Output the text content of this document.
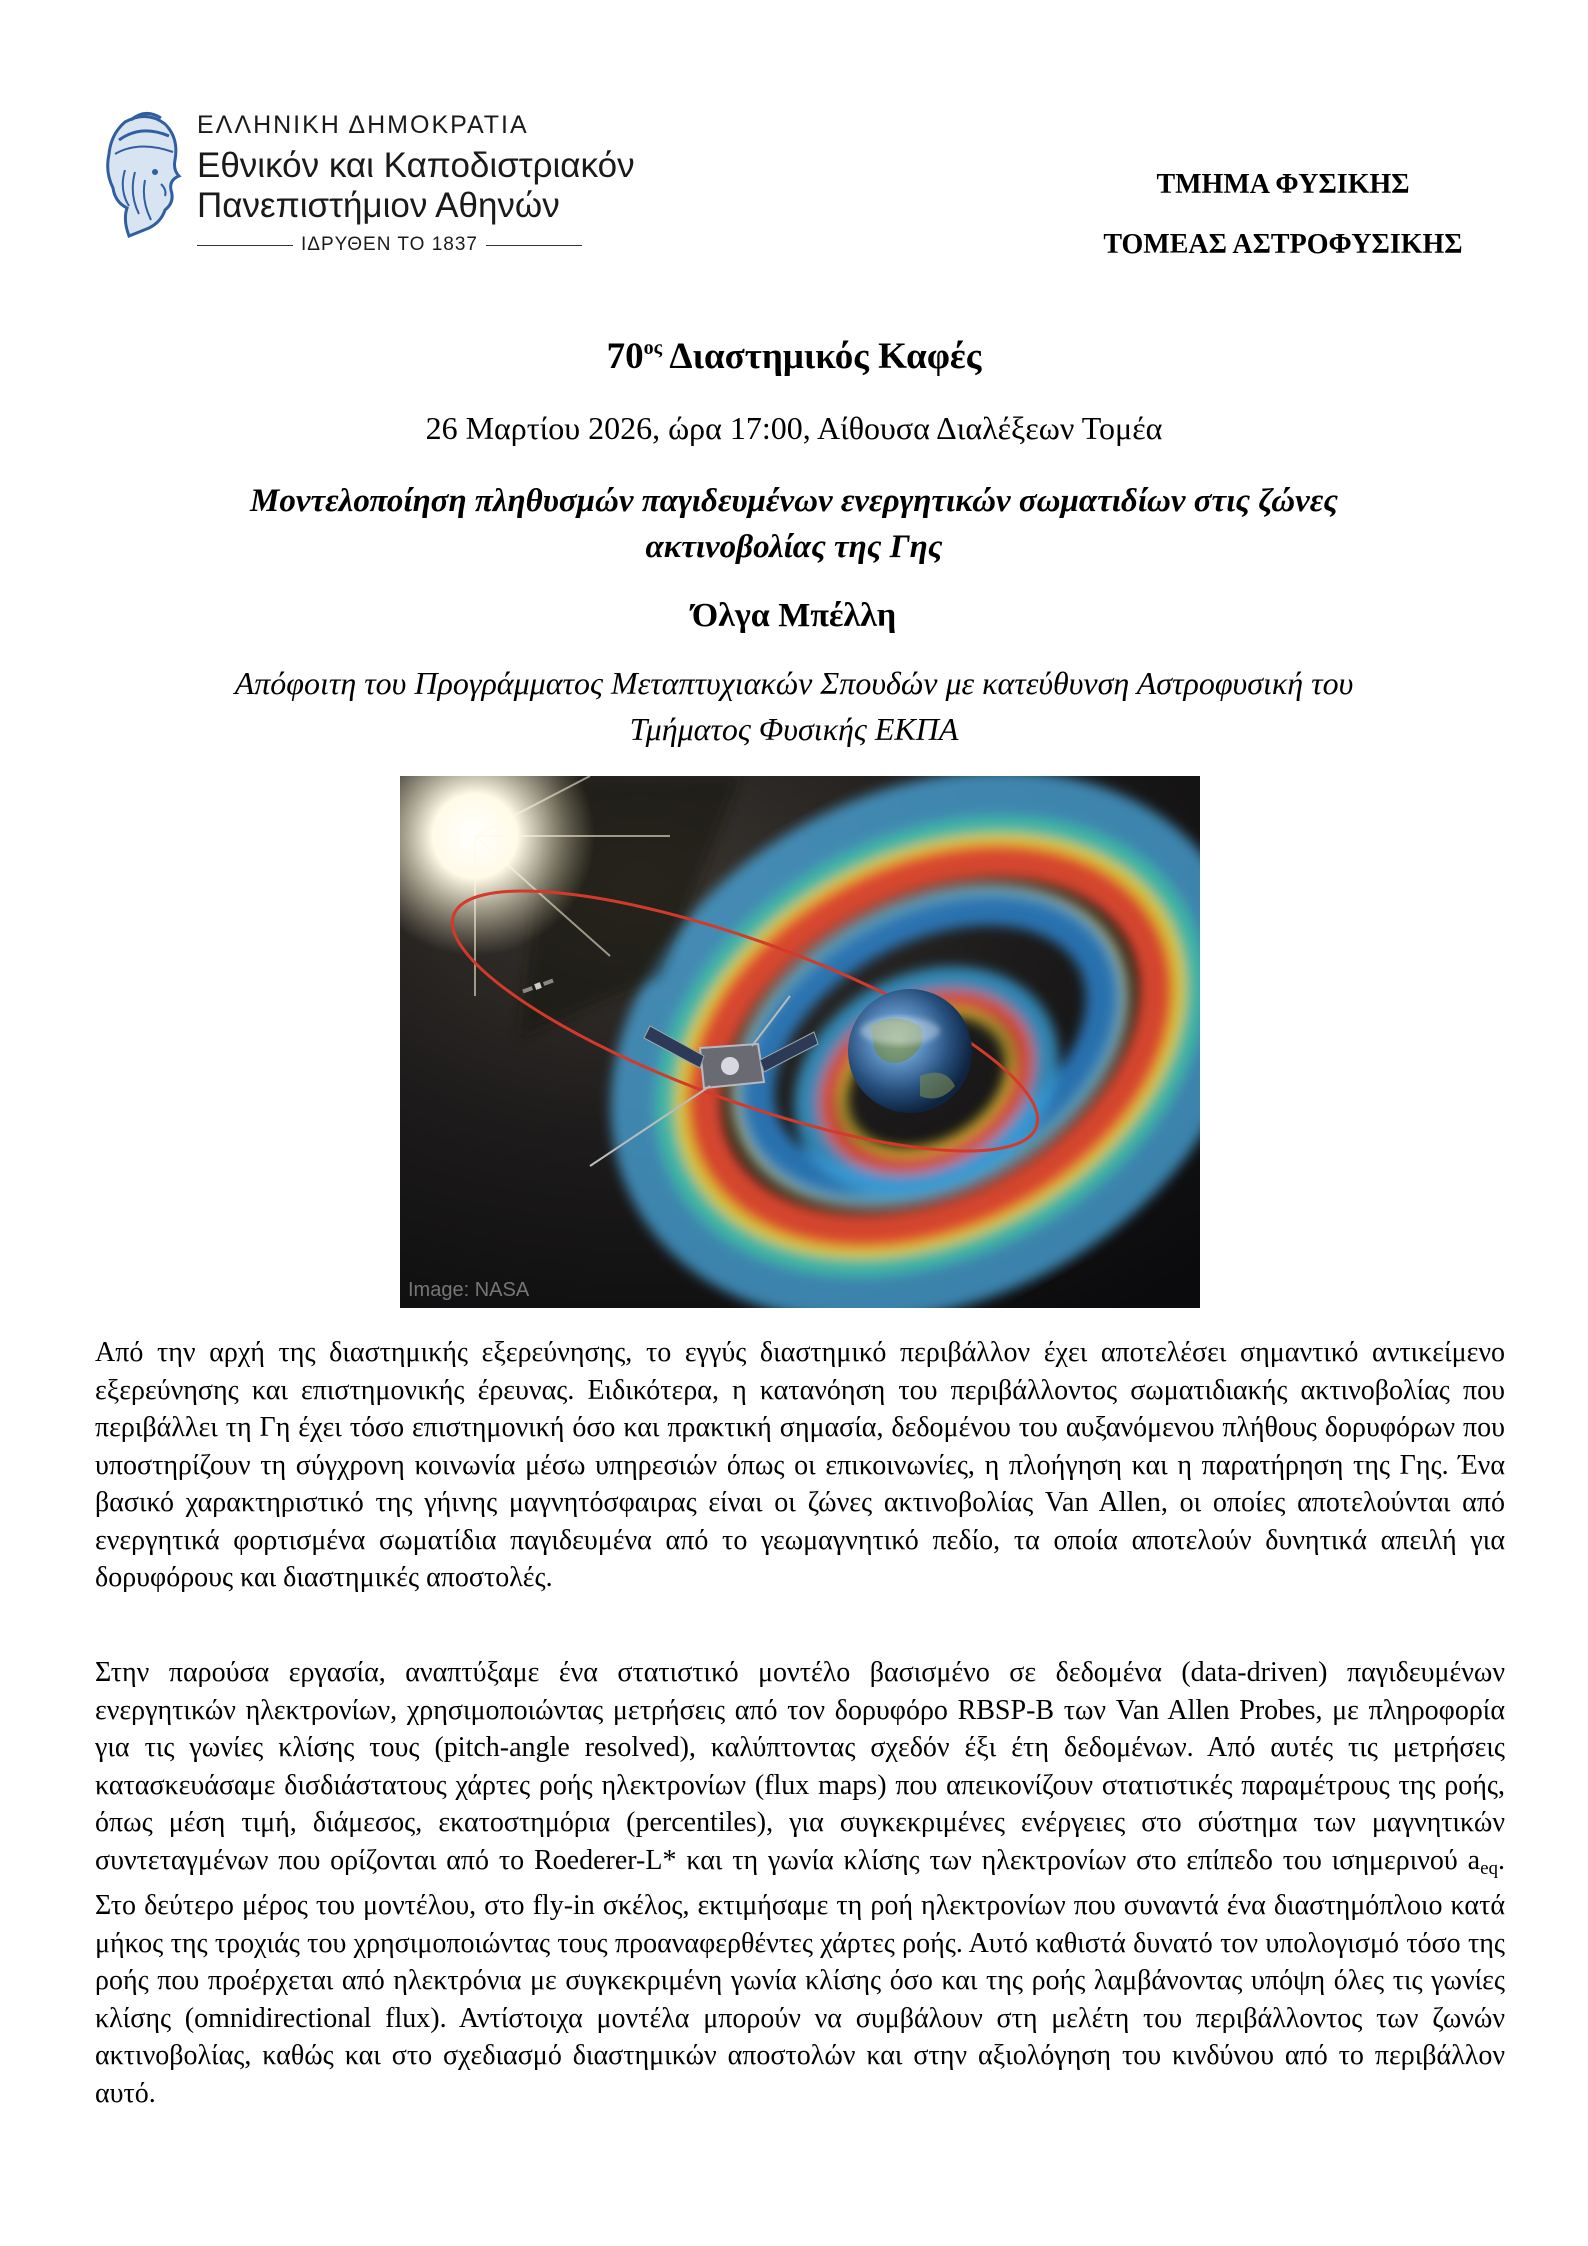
ΕΛΛΗΝΙΚΗ ΔΗΜΟΚΡΑΤΙΑ
Εθνικόν και Καποδιστριακόν
Πανεπιστήμιον Αθηνών
ΙΔΡΥΘΕΝ ΤΟ 1837
ΤΜΗΜΑ ΦΥΣΙΚΗΣ
ΤΟΜΕΑΣ ΑΣΤΡΟΦΥΣΙΚΗΣ
$70^{o\varsigma}$ Διαστημικός Καφές
26 Μαρτίου 2026, ώρα 17:00, Αίθουσα Διαλέξεων Τομέα
Μοντελοποίηση πληθυσμών παγιδευμένων ενεργητικών σωματιδίων στις ζώνες
ακτινοβολίας της Γης
Όλγα Μπέλλη
Απόφοιτη του Προγράμματος Μεταπτυχιακών Σπουδών με κατεύθυνση Αστροφυσική του
Τμήματος Φυσικής ΕΚΠΑ
Image: NASA

Από την αρχή της διαστημικής εξερεύνησης, το εγγύς διαστημικό περιβάλλον έχει αποτελέσει σημαντικό αντικείμενο εξερεύνησης και επιστημονικής έρευνας. Ειδικότερα, η κατανόηση του περιβάλλοντος σωματιδιακής ακτινοβολίας που περιβάλλει τη Γη έχει τόσο επιστημονική όσο και πρακτική σημασία, δεδομένου του αυξανόμενου πλήθους δορυφόρων που υποστηρίζουν τη σύγχρονη κοινωνία μέσω υπηρεσιών όπως οι επικοινωνίες, η πλοήγηση και η παρατήρηση της Γης. Ένα βασικό χαρακτηριστικό της γήινης μαγνητόσφαιρας είναι οι ζώνες ακτινοβολίας Van Allen, οι οποίες αποτελούνται από ενεργητικά φορτισμένα σωματίδια παγιδευμένα από το γεωμαγνητικό πεδίο, τα οποία αποτελούν δυνητικά απειλή για δορυφόρους και διαστημικές αποστολές.

Στην παρούσα εργασία, αναπτύξαμε ένα στατιστικό μοντέλο βασισμένο σε δεδομένα (data-driven) παγιδευμένων ενεργητικών ηλεκτρονίων, χρησιμοποιώντας μετρήσεις από τον δορυφόρο RBSP-B των Van Allen Probes, με πληροφορία για τις γωνίες κλίσης τους (pitch-angle resolved), καλύπτοντας σχεδόν έξι έτη δεδομένων. Από αυτές τις μετρήσεις κατασκευάσαμε δισδιάστατους χάρτες ροής ηλεκτρονίων (flux maps) που απεικονίζουν στατιστικές παραμέτρους της ροής, όπως μέση τιμή, διάμεσος, εκατοστημόρια (percentiles), για συγκεκριμένες ενέργειες στο σύστημα των μαγνητικών συντεταγμένων που ορίζονται από το Roederer-L* και τη γωνία κλίσης των ηλεκτρονίων στο επίπεδο του ισημερινού $a_{eq}$. Στο δεύτερο μέρος του μοντέλου, στο fly-in σκέλος, εκτιμήσαμε τη ροή ηλεκτρονίων που συναντά ένα διαστημόπλοιο κατά μήκος της τροχιάς του χρησιμοποιώντας τους προαναφερθέντες χάρτες ροής. Αυτό καθιστά δυνατό τον υπολογισμό τόσο της ροής που προέρχεται από ηλεκτρόνια με συγκεκριμένη γωνία κλίσης όσο και της ροής λαμβάνοντας υπόψη όλες τις γωνίες κλίσης (omnidirectional flux). Αντίστοιχα μοντέλα μπορούν να συμβάλουν στη μελέτη του περιβάλλοντος των ζωνών ακτινοβολίας, καθώς και στο σχεδιασμό διαστημικών αποστολών και στην αξιολόγηση του κινδύνου από το περιβάλλον αυτό.
